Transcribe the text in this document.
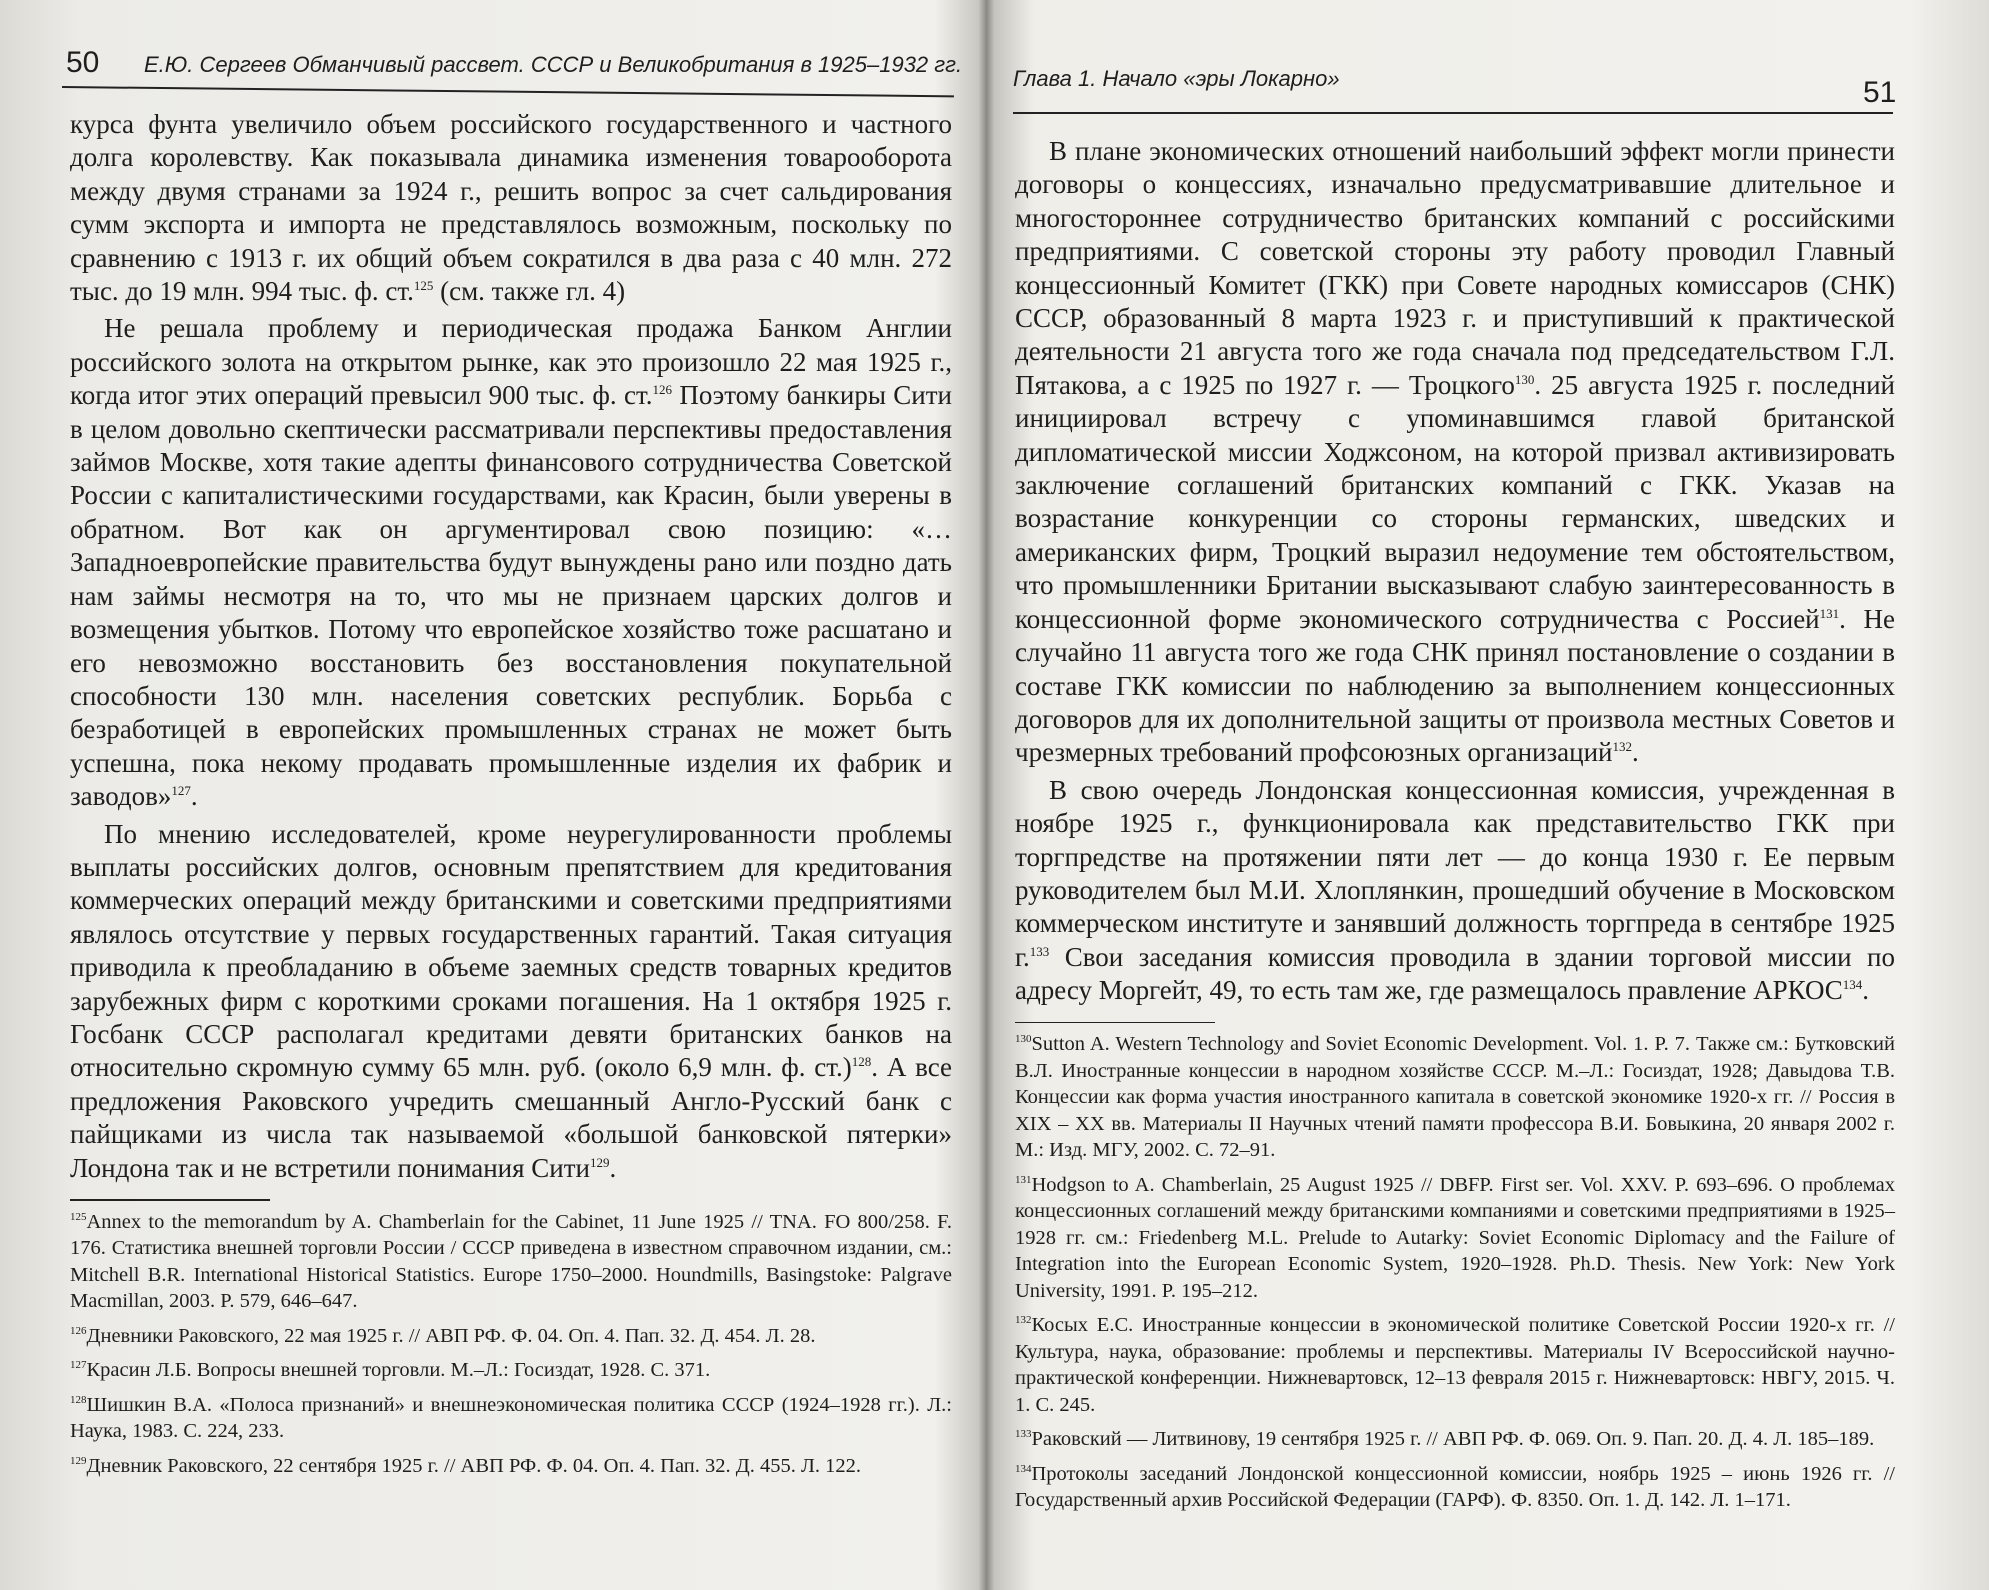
50 Е.Ю. Сергеев Обманчивый рассвет. СССР и Великобритания в 1925–1932 гг.

курса фунта увеличило объем российского государственного и частного долга королевству. Как показывала динамика изменения товарооборота между двумя странами за 1924 г., решить вопрос за счет сальдирования сумм экспорта и импорта не представлялось возможным, поскольку по сравнению с 1913 г. их общий объем сократился в два раза с 40 млн. 272 тыс. до 19 млн. 994 тыс. ф. ст.$^{125}$ (см. также гл. 4)

Не решала проблему и периодическая продажа Банком Англии российского золота на открытом рынке, как это произошло 22 мая 1925 г., когда итог этих операций превысил 900 тыс. ф. ст.$^{126}$ Поэтому банкиры Сити в целом довольно скептически рассматривали перспективы предоставления займов Москве, хотя такие адепты финансового сотрудничества Советской России с капиталистическими государствами, как Красин, были уверены в обратном. Вот как он аргументировал свою позицию: «…Западноевропейские правительства будут вынуждены рано или поздно дать нам займы несмотря на то, что мы не признаем царских долгов и возмещения убытков. Потому что европейское хозяйство тоже расшатано и его невозможно восстановить без восстановления покупательной способности 130 млн. населения советских республик. Борьба с безработицей в европейских промышленных странах не может быть успешна, пока некому продавать промышленные изделия их фабрик и заводов»$^{127}$.

По мнению исследователей, кроме неурегулированности проблемы выплаты российских долгов, основным препятствием для кредитования коммерческих операций между британскими и советскими предприятиями являлось отсутствие у первых государственных гарантий. Такая ситуация приводила к преобладанию в объеме заемных средств товарных кредитов зарубежных фирм с короткими сроками погашения. На 1 октября 1925 г. Госбанк СССР располагал кредитами девяти британских банков на относительно скромную сумму 65 млн. руб. (около 6,9 млн. ф. ст.)$^{128}$. А все предложения Раковского учредить смешанный Англо-Русский банк с пайщиками из числа так называемой «большой банковской пятерки» Лондона так и не встретили понимания Сити$^{129}$.

$^{125}$Annex to the memorandum by A. Chamberlain for the Cabinet, 11 June 1925 // TNA. FO 800/258. F. 176. Статистика внешней торговли России / СССР приведена в известном справочном издании, см.: Mitchell B.R. International Historical Statistics. Europe 1750–2000. Houndmills, Basingstoke: Palgrave Macmillan, 2003. P. 579, 646–647.
$^{126}$Дневники Раковского, 22 мая 1925 г. // АВП РФ. Ф. 04. Оп. 4. Пап. 32. Д. 454. Л. 28.
$^{127}$Красин Л.Б. Вопросы внешней торговли. М.–Л.: Госиздат, 1928. С. 371.
$^{128}$Шишкин В.А. «Полоса признаний» и внешнеэкономическая политика СССР (1924–1928 гг.). Л.: Наука, 1983. С. 224, 233.
$^{129}$Дневник Раковского, 22 сентября 1925 г. // АВП РФ. Ф. 04. Оп. 4. Пап. 32. Д. 455. Л. 122.
Глава 1. Начало «эры Локарно»	51

В плане экономических отношений наибольший эффект могли принести договоры о концессиях, изначально предусматривавшие длительное и многостороннее сотрудничество британских компаний с российскими предприятиями. С советской стороны эту работу проводил Главный концессионный Комитет (ГКК) при Совете народных комиссаров (СНК) СССР, образованный 8 марта 1923 г. и приступивший к практической деятельности 21 августа того же года сначала под председательством Г.Л. Пятакова, а с 1925 по 1927 г. — Троцкого$^{130}$. 25 августа 1925 г. последний инициировал встречу с упоминавшимся главой британской дипломатической миссии Ходжсоном, на которой призвал активизировать заключение соглашений британских компаний с ГКК. Указав на возрастание конкуренции со стороны германских, шведских и американских фирм, Троцкий выразил недоумение тем обстоятельством, что промышленники Британии высказывают слабую заинтересованность в концессионной форме экономического сотрудничества с Россией$^{131}$. Не случайно 11 августа того же года СНК принял постановление о создании в составе ГКК комиссии по наблюдению за выполнением концессионных договоров для их дополнительной защиты от произвола местных Советов и чрезмерных требований профсоюзных организаций$^{132}$.

В свою очередь Лондонская концессионная комиссия, учрежденная в ноябре 1925 г., функционировала как представительство ГКК при торгпредстве на протяжении пяти лет — до конца 1930 г. Ее первым руководителем был М.И. Хлоплянкин, прошедший обучение в Московском коммерческом институте и занявший должность торгпреда в сентябре 1925 г.$^{133}$ Свои заседания комиссия проводила в здании торговой миссии по адресу Моргейт, 49, то есть там же, где размещалось правление АРКОС$^{134}$.

$^{130}$Sutton A. Western Technology and Soviet Economic Development. Vol. 1. P. 7. Также см.: Бутковский В.Л. Иностранные концессии в народном хозяйстве СССР. М.–Л.: Госиздат, 1928; Давыдова Т.В. Концессии как форма участия иностранного капитала в советской экономике 1920-х гг. // Россия в XIX – XX вв. Материалы II Научных чтений памяти профессора В.И. Бовыкина, 20 января 2002 г. М.: Изд. МГУ, 2002. С. 72–91.
$^{131}$Hodgson to A. Chamberlain, 25 August 1925 // DBFP. First ser. Vol. XXV. P. 693–696. О проблемах концессионных соглашений между британскими компаниями и советскими предприятиями в 1925–1928 гг. см.: Friedenberg M.L. Prelude to Autarky: Soviet Economic Diplomacy and the Failure of Integration into the European Economic System, 1920–1928. Ph.D. Thesis. New York: New York University, 1991. P. 195–212.
$^{132}$Косых Е.С. Иностранные концессии в экономической политике Советской России 1920-х гг. // Культура, наука, образование: проблемы и перспективы. Материалы IV Всероссийской научно-практической конференции. Нижневартовск, 12–13 февраля 2015 г. Нижневартовск: НВГУ, 2015. Ч. 1. С. 245.
$^{133}$Раковский — Литвинову, 19 сентября 1925 г. // АВП РФ. Ф. 069. Оп. 9. Пап. 20. Д. 4. Л. 185–189.
$^{134}$Протоколы заседаний Лондонской концессионной комиссии, ноябрь 1925 – июнь 1926 гг. // Государственный архив Российской Федерации (ГАРФ). Ф. 8350. Оп. 1. Д. 142. Л. 1–171.
